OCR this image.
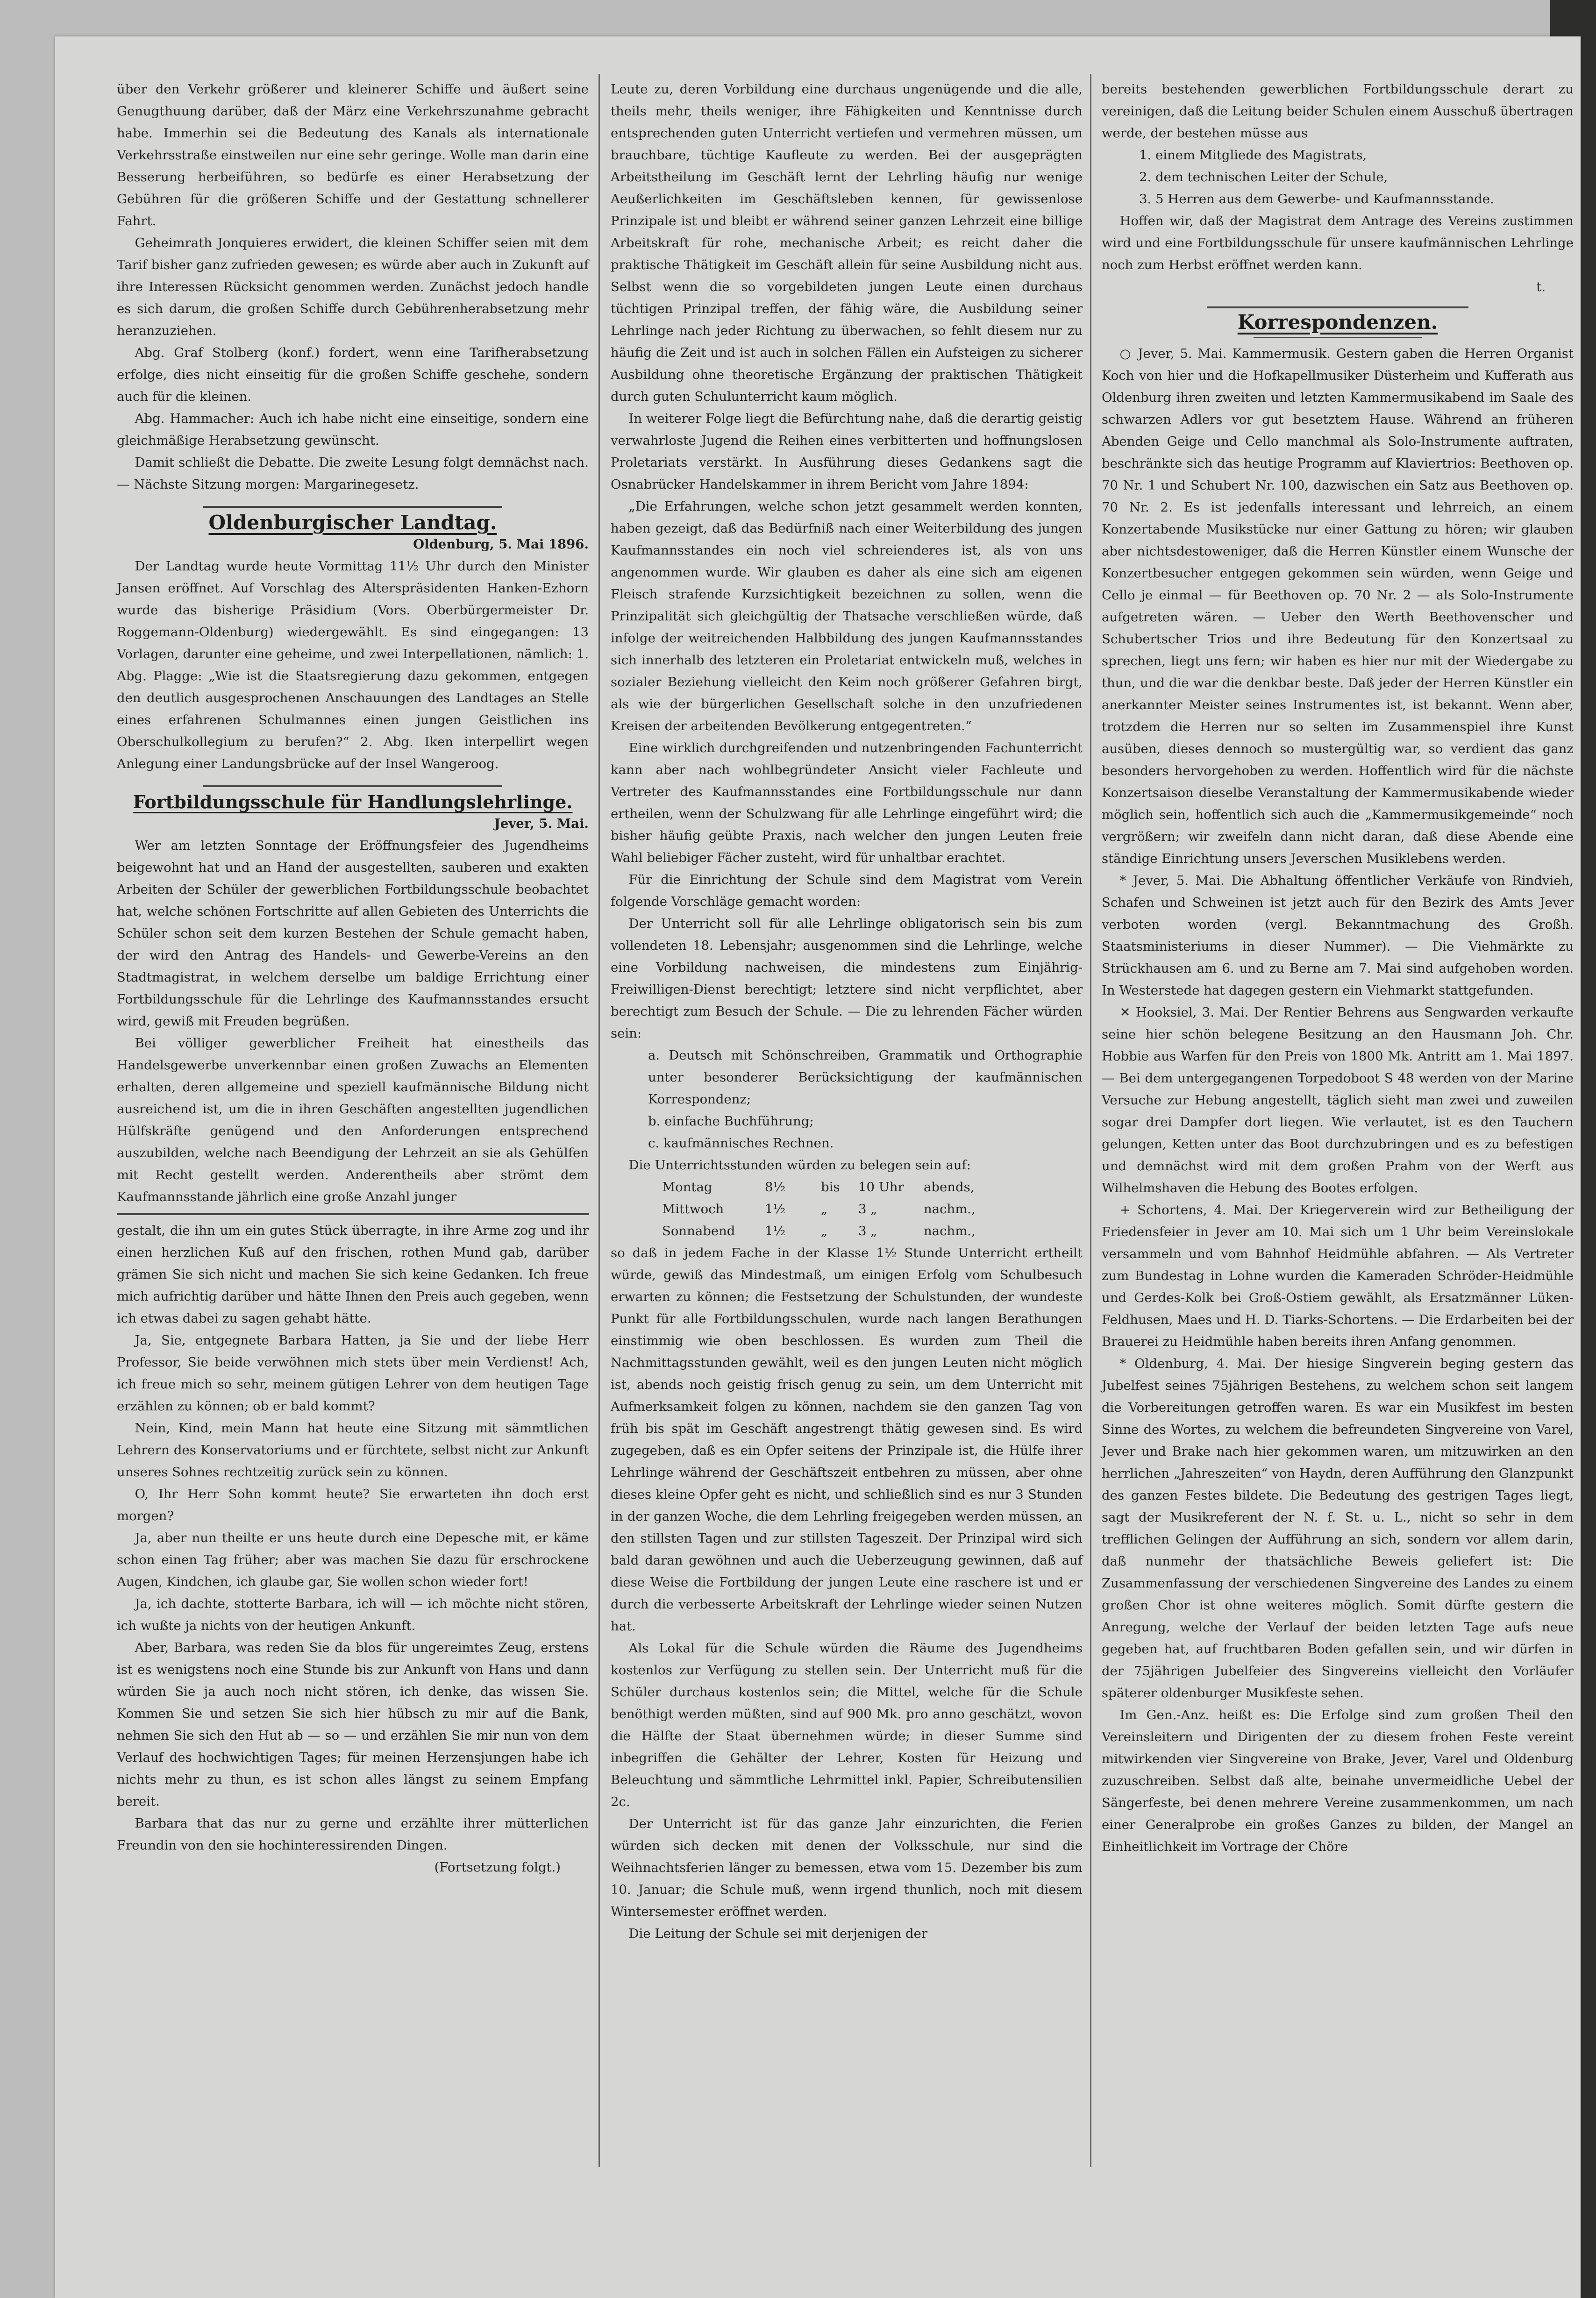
über den Verkehr größerer und kleinerer Schiffe und äußert seine Genugthuung darüber, daß der März eine Verkehrszunahme gebracht habe. Immerhin sei die Bedeutung des Kanals als internationale Verkehrsstraße einstweilen nur eine sehr geringe. Wolle man darin eine Besserung herbeiführen, so bedürfe es einer Herabsetzung der Gebühren für die größeren Schiffe und der Gestattung schnellerer Fahrt.

Geheimrath Jonquieres erwidert, die kleinen Schiffer seien mit dem Tarif bisher ganz zufrieden gewesen; es würde aber auch in Zukunft auf ihre Interessen Rücksicht genommen werden. Zunächst jedoch handle es sich darum, die großen Schiffe durch Gebührenherabsetzung mehr heranzuziehen.

Abg. Graf Stolberg (konf.) fordert, wenn eine Tarifherabsetzung erfolge, dies nicht einseitig für die großen Schiffe geschehe, sondern auch für die kleinen.

Abg. Hammacher: Auch ich habe nicht eine einseitige, sondern eine gleichmäßige Herabsetzung gewünscht.

Damit schließt die Debatte. Die zweite Lesung folgt demnächst nach. — Nächste Sitzung morgen: Margarinegesetz.

Oldenburgischer Landtag.

Oldenburg, 5. Mai 1896.

Der Landtag wurde heute Vormittag 11½ Uhr durch den Minister Jansen eröffnet. Auf Vorschlag des Alterspräsidenten Hanken-Ezhorn wurde das bisherige Präsidium (Vors. Oberbürgermeister Dr. Roggemann-Oldenburg) wiedergewählt. Es sind eingegangen: 13 Vorlagen, darunter eine geheime, und zwei Interpellationen, nämlich: 1. Abg. Plagge: „Wie ist die Staatsregierung dazu gekommen, entgegen den deutlich ausgesprochenen Anschauungen des Landtages an Stelle eines erfahrenen Schulmannes einen jungen Geistlichen ins Oberschulkollegium zu berufen?“ 2. Abg. Iken interpellirt wegen Anlegung einer Landungsbrücke auf der Insel Wangeroog.

Fortbildungsschule für Handlungslehrlinge.

Jever, 5. Mai.

Wer am letzten Sonntage der Eröffnungsfeier des Jugendheims beigewohnt hat und an Hand der ausgestellten, sauberen und exakten Arbeiten der Schüler der gewerblichen Fortbildungsschule beobachtet hat, welche schönen Fortschritte auf allen Gebieten des Unterrichts die Schüler schon seit dem kurzen Bestehen der Schule gemacht haben, der wird den Antrag des Handels- und Gewerbe-Vereins an den Stadtmagistrat, in welchem derselbe um baldige Errichtung einer Fortbildungsschule für die Lehrlinge des Kaufmannsstandes ersucht wird, gewiß mit Freuden begrüßen.

Bei völliger gewerblicher Freiheit hat einestheils das Handelsgewerbe unverkennbar einen großen Zuwachs an Elementen erhalten, deren allgemeine und speziell kaufmännische Bildung nicht ausreichend ist, um die in ihren Geschäften angestellten jugendlichen Hülfskräfte genügend und den Anforderungen entsprechend auszubilden, welche nach Beendigung der Lehrzeit an sie als Gehülfen mit Recht gestellt werden. Anderentheils aber strömt dem Kaufmannsstande jährlich eine große Anzahl junger

gestalt, die ihn um ein gutes Stück überragte, in ihre Arme zog und ihr einen herzlichen Kuß auf den frischen, rothen Mund gab, darüber grämen Sie sich nicht und machen Sie sich keine Gedanken. Ich freue mich aufrichtig darüber und hätte Ihnen den Preis auch gegeben, wenn ich etwas dabei zu sagen gehabt hätte.

Ja, Sie, entgegnete Barbara Hatten, ja Sie und der liebe Herr Professor, Sie beide verwöhnen mich stets über mein Verdienst! Ach, ich freue mich so sehr, meinem gütigen Lehrer von dem heutigen Tage erzählen zu können; ob er bald kommt?

Nein, Kind, mein Mann hat heute eine Sitzung mit sämmtlichen Lehrern des Konservatoriums und er fürchtete, selbst nicht zur Ankunft unseres Sohnes rechtzeitig zurück sein zu können.

O, Ihr Herr Sohn kommt heute? Sie erwarteten ihn doch erst morgen?

Ja, aber nun theilte er uns heute durch eine Depesche mit, er käme schon einen Tag früher; aber was machen Sie dazu für erschrockene Augen, Kindchen, ich glaube gar, Sie wollen schon wieder fort!

Ja, ich dachte, stotterte Barbara, ich will — ich möchte nicht stören, ich wußte ja nichts von der heutigen Ankunft.

Aber, Barbara, was reden Sie da blos für ungereimtes Zeug, erstens ist es wenigstens noch eine Stunde bis zur Ankunft von Hans und dann würden Sie ja auch noch nicht stören, ich denke, das wissen Sie. Kommen Sie und setzen Sie sich hier hübsch zu mir auf die Bank, nehmen Sie sich den Hut ab — so — und erzählen Sie mir nun von dem Verlauf des hochwichtigen Tages; für meinen Herzensjungen habe ich nichts mehr zu thun, es ist schon alles längst zu seinem Empfang bereit.

Barbara that das nur zu gerne und erzählte ihrer mütterlichen Freundin von den sie hochinteressirenden Dingen.

(Fortsetzung folgt.)

Leute zu, deren Vorbildung eine durchaus ungenügende und die alle, theils mehr, theils weniger, ihre Fähigkeiten und Kenntnisse durch entsprechenden guten Unterricht vertiefen und vermehren müssen, um brauchbare, tüchtige Kaufleute zu werden. Bei der ausgeprägten Arbeitstheilung im Geschäft lernt der Lehrling häufig nur wenige Aeußerlichkeiten im Geschäftsleben kennen, für gewissenlose Prinzipale ist und bleibt er während seiner ganzen Lehrzeit eine billige Arbeitskraft für rohe, mechanische Arbeit; es reicht daher die praktische Thätigkeit im Geschäft allein für seine Ausbildung nicht aus. Selbst wenn die so vorgebildeten jungen Leute einen durchaus tüchtigen Prinzipal treffen, der fähig wäre, die Ausbildung seiner Lehrlinge nach jeder Richtung zu überwachen, so fehlt diesem nur zu häufig die Zeit und ist auch in solchen Fällen ein Aufsteigen zu sicherer Ausbildung ohne theoretische Ergänzung der praktischen Thätigkeit durch guten Schulunterricht kaum möglich.

In weiterer Folge liegt die Befürchtung nahe, daß die derartig geistig verwahrloste Jugend die Reihen eines verbitterten und hoffnungslosen Proletariats verstärkt. In Ausführung dieses Gedankens sagt die Osnabrücker Handelskammer in ihrem Bericht vom Jahre 1894:

„Die Erfahrungen, welche schon jetzt gesammelt werden konnten, haben gezeigt, daß das Bedürfniß nach einer Weiterbildung des jungen Kaufmannsstandes ein noch viel schreienderes ist, als von uns angenommen wurde. Wir glauben es daher als eine sich am eigenen Fleisch strafende Kurzsichtigkeit bezeichnen zu sollen, wenn die Prinzipalität sich gleichgültig der Thatsache verschließen würde, daß infolge der weitreichenden Halbbildung des jungen Kaufmannsstandes sich innerhalb des letzteren ein Proletariat entwickeln muß, welches in sozialer Beziehung vielleicht den Keim noch größerer Gefahren birgt, als wie der bürgerlichen Gesellschaft solche in den unzufriedenen Kreisen der arbeitenden Bevölkerung entgegentreten.“

Eine wirklich durchgreifenden und nutzenbringenden Fachunterricht kann aber nach wohlbegründeter Ansicht vieler Fachleute und Vertreter des Kaufmannsstandes eine Fortbildungsschule nur dann ertheilen, wenn der Schulzwang für alle Lehrlinge eingeführt wird; die bisher häufig geübte Praxis, nach welcher den jungen Leuten freie Wahl beliebiger Fächer zusteht, wird für unhaltbar erachtet.

Für die Einrichtung der Schule sind dem Magistrat vom Verein folgende Vorschläge gemacht worden:

Der Unterricht soll für alle Lehrlinge obligatorisch sein bis zum vollendeten 18. Lebensjahr; ausgenommen sind die Lehrlinge, welche eine Vorbildung nachweisen, die mindestens zum Einjährig-Freiwilligen-Dienst berechtigt; letztere sind nicht verpflichtet, aber berechtigt zum Besuch der Schule. — Die zu lehrenden Fächer würden sein:

a. Deutsch mit Schönschreiben, Grammatik und Orthographie unter besonderer Berücksichtigung der kaufmännischen Korrespondenz;
b. einfache Buchführung;
c. kaufmännisches Rechnen.

Die Unterrichtsstunden würden zu belegen sein auf:

Montag	8½	bis	10 Uhr	abends,
Mittwoch	1½	„	3 „	nachm.,
Sonnabend	1½	„	3 „	nachm.,

so daß in jedem Fache in der Klasse 1½ Stunde Unterricht ertheilt würde, gewiß das Mindestmaß, um einigen Erfolg vom Schulbesuch erwarten zu können; die Festsetzung der Schulstunden, der wundeste Punkt für alle Fortbildungsschulen, wurde nach langen Berathungen einstimmig wie oben beschlossen. Es wurden zum Theil die Nachmittagsstunden gewählt, weil es den jungen Leuten nicht möglich ist, abends noch geistig frisch genug zu sein, um dem Unterricht mit Aufmerksamkeit folgen zu können, nachdem sie den ganzen Tag von früh bis spät im Geschäft angestrengt thätig gewesen sind. Es wird zugegeben, daß es ein Opfer seitens der Prinzipale ist, die Hülfe ihrer Lehrlinge während der Geschäftszeit entbehren zu müssen, aber ohne dieses kleine Opfer geht es nicht, und schließlich sind es nur 3 Stunden in der ganzen Woche, die dem Lehrling freigegeben werden müssen, an den stillsten Tagen und zur stillsten Tageszeit. Der Prinzipal wird sich bald daran gewöhnen und auch die Ueberzeugung gewinnen, daß auf diese Weise die Fortbildung der jungen Leute eine raschere ist und er durch die verbesserte Arbeitskraft der Lehrlinge wieder seinen Nutzen hat.

Als Lokal für die Schule würden die Räume des Jugendheims kostenlos zur Verfügung zu stellen sein. Der Unterricht muß für die Schüler durchaus kostenlos sein; die Mittel, welche für die Schule benöthigt werden müßten, sind auf 900 Mk. pro anno geschätzt, wovon die Hälfte der Staat übernehmen würde; in dieser Summe sind inbegriffen die Gehälter der Lehrer, Kosten für Heizung und Beleuchtung und sämmtliche Lehrmittel inkl. Papier, Schreibutensilien 2c.

Der Unterricht ist für das ganze Jahr einzurichten, die Ferien würden sich decken mit denen der Volksschule, nur sind die Weihnachtsferien länger zu bemessen, etwa vom 15. Dezember bis zum 10. Januar; die Schule muß, wenn irgend thunlich, noch mit diesem Wintersemester eröffnet werden.

Die Leitung der Schule sei mit derjenigen der

bereits bestehenden gewerblichen Fortbildungsschule derart zu vereinigen, daß die Leitung beider Schulen einem Ausschuß übertragen werde, der bestehen müsse aus

1. einem Mitgliede des Magistrats,
2. dem technischen Leiter der Schule,
3. 5 Herren aus dem Gewerbe- und Kaufmannsstande.

Hoffen wir, daß der Magistrat dem Antrage des Vereins zustimmen wird und eine Fortbildungsschule für unsere kaufmännischen Lehrlinge noch zum Herbst eröffnet werden kann.

t.

Korrespondenzen.

○ Jever, 5. Mai. Kammermusik. Gestern gaben die Herren Organist Koch von hier und die Hofkapellmusiker Düsterheim und Kufferath aus Oldenburg ihren zweiten und letzten Kammermusikabend im Saale des schwarzen Adlers vor gut besetztem Hause. Während an früheren Abenden Geige und Cello manchmal als Solo-Instrumente auftraten, beschränkte sich das heutige Programm auf Klaviertrios: Beethoven op. 70 Nr. 1 und Schubert Nr. 100, dazwischen ein Satz aus Beethoven op. 70 Nr. 2. Es ist jedenfalls interessant und lehrreich, an einem Konzertabende Musikstücke nur einer Gattung zu hören; wir glauben aber nichtsdestoweniger, daß die Herren Künstler einem Wunsche der Konzertbesucher entgegen gekommen sein würden, wenn Geige und Cello je einmal — für Beethoven op. 70 Nr. 2 — als Solo-Instrumente aufgetreten wären. — Ueber den Werth Beethovenscher und Schubertscher Trios und ihre Bedeutung für den Konzertsaal zu sprechen, liegt uns fern; wir haben es hier nur mit der Wiedergabe zu thun, und die war die denkbar beste. Daß jeder der Herren Künstler ein anerkannter Meister seines Instrumentes ist, ist bekannt. Wenn aber, trotzdem die Herren nur so selten im Zusammenspiel ihre Kunst ausüben, dieses dennoch so mustergültig war, so verdient das ganz besonders hervorgehoben zu werden. Hoffentlich wird für die nächste Konzertsaison dieselbe Veranstaltung der Kammermusikabende wieder möglich sein, hoffentlich sich auch die „Kammermusikgemeinde“ noch vergrößern; wir zweifeln dann nicht daran, daß diese Abende eine ständige Einrichtung unsers Jeverschen Musiklebens werden.

* Jever, 5. Mai. Die Abhaltung öffentlicher Verkäufe von Rindvieh, Schafen und Schweinen ist jetzt auch für den Bezirk des Amts Jever verboten worden (vergl. Bekanntmachung des Großh. Staatsministeriums in dieser Nummer). — Die Viehmärkte zu Strückhausen am 6. und zu Berne am 7. Mai sind aufgehoben worden. In Westerstede hat dagegen gestern ein Viehmarkt stattgefunden.

✕ Hooksiel, 3. Mai. Der Rentier Behrens aus Sengwarden verkaufte seine hier schön belegene Besitzung an den Hausmann Joh. Chr. Hobbie aus Warfen für den Preis von 1800 Mk. Antritt am 1. Mai 1897. — Bei dem untergegangenen Torpedoboot S 48 werden von der Marine Versuche zur Hebung angestellt, täglich sieht man zwei und zuweilen sogar drei Dampfer dort liegen. Wie verlautet, ist es den Tauchern gelungen, Ketten unter das Boot durchzubringen und es zu befestigen und demnächst wird mit dem großen Prahm von der Werft aus Wilhelmshaven die Hebung des Bootes erfolgen.

+ Schortens, 4. Mai. Der Kriegerverein wird zur Betheiligung der Friedensfeier in Jever am 10. Mai sich um 1 Uhr beim Vereinslokale versammeln und vom Bahnhof Heidmühle abfahren. — Als Vertreter zum Bundestag in Lohne wurden die Kameraden Schröder-Heidmühle und Gerdes-Kolk bei Groß-Ostiem gewählt, als Ersatzmänner Lüken-Feldhusen, Maes und H. D. Tiarks-Schortens. — Die Erdarbeiten bei der Brauerei zu Heidmühle haben bereits ihren Anfang genommen.

* Oldenburg, 4. Mai. Der hiesige Singverein beging gestern das Jubelfest seines 75jährigen Bestehens, zu welchem schon seit langem die Vorbereitungen getroffen waren. Es war ein Musikfest im besten Sinne des Wortes, zu welchem die befreundeten Singvereine von Varel, Jever und Brake nach hier gekommen waren, um mitzuwirken an den herrlichen „Jahreszeiten“ von Haydn, deren Aufführung den Glanzpunkt des ganzen Festes bildete. Die Bedeutung des gestrigen Tages liegt, sagt der Musikreferent der N. f. St. u. L., nicht so sehr in dem trefflichen Gelingen der Aufführung an sich, sondern vor allem darin, daß nunmehr der thatsächliche Beweis geliefert ist: Die Zusammenfassung der verschiedenen Singvereine des Landes zu einem großen Chor ist ohne weiteres möglich. Somit dürfte gestern die Anregung, welche der Verlauf der beiden letzten Tage aufs neue gegeben hat, auf fruchtbaren Boden gefallen sein, und wir dürfen in der 75jährigen Jubelfeier des Singvereins vielleicht den Vorläufer späterer oldenburger Musikfeste sehen.

Im Gen.-Anz. heißt es: Die Erfolge sind zum großen Theil den Vereinsleitern und Dirigenten der zu diesem frohen Feste vereint mitwirkenden vier Singvereine von Brake, Jever, Varel und Oldenburg zuzuschreiben. Selbst daß alte, beinahe unvermeidliche Uebel der Sängerfeste, bei denen mehrere Vereine zusammenkommen, um nach einer Generalprobe ein großes Ganzes zu bilden, der Mangel an Einheitlichkeit im Vortrage der Chöre
